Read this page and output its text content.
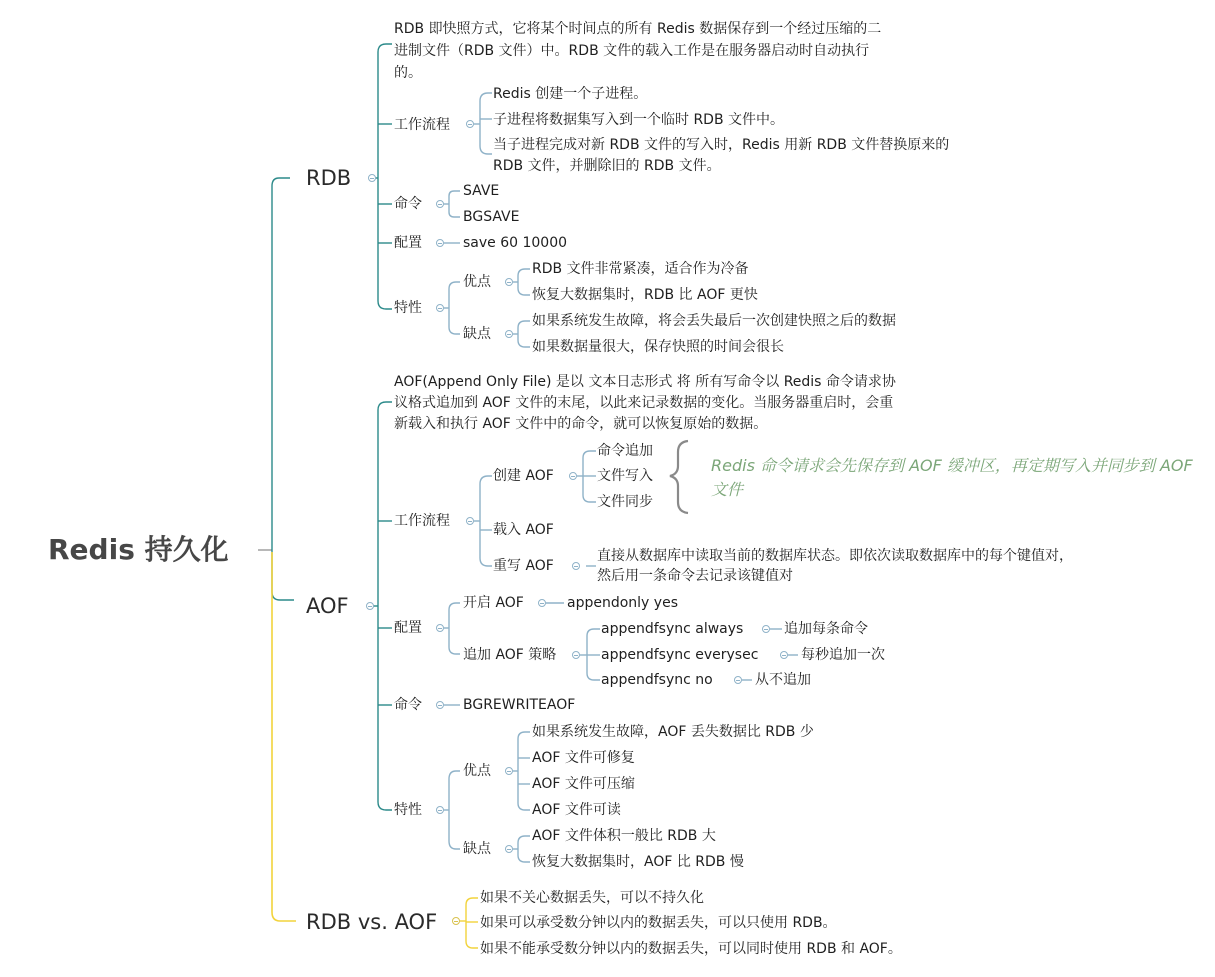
Redis 持久化
RDB
RDB 即快照方式，它将某个时间点的所有 Redis 数据保存到一个经过压缩的二进制文件（RDB 文件）中。RDB 文件的载入工作是在服务器启动时自动执行的。
工作流程
Redis 创建一个子进程。
子进程将数据集写入到一个临时 RDB 文件中。
当子进程完成对新 RDB 文件的写入时，Redis 用新 RDB 文件替换原来的 RDB 文件，并删除旧的 RDB 文件。
命令
SAVE
BGSAVE
配置	save 60 10000
特性
优点
RDB 文件非常紧凑，适合作为冷备
恢复大数据集时，RDB 比 AOF 更快
缺点
如果系统发生故障，将会丢失最后一次创建快照之后的数据
如果数据量很大，保存快照的时间会很长
AOF
AOF(Append Only File) 是以 文本日志形式 将 所有写命令以 Redis 命令请求协议格式追加到 AOF 文件的末尾，以此来记录数据的变化。当服务器重启时，会重新载入和执行 AOF 文件中的命令，就可以恢复原始的数据。
工作流程
创建 AOF
命令追加
文件写入
文件同步
Redis 命令请求会先保存到 AOF 缓冲区，再定期写入并同步到 AOF 文件
载入 AOF
重写 AOF
直接从数据库中读取当前的数据库状态。即依次读取数据库中的每个键值对，然后用一条命令去记录该键值对
配置
开启 AOF	appendonly yes
追加 AOF 策略
appendfsync always	追加每条命令
appendfsync everysec	每秒追加一次
appendfsync no	从不追加
命令	BGREWRITEAOF
特性
优点
如果系统发生故障，AOF 丢失数据比 RDB 少
AOF 文件可修复
AOF 文件可压缩
AOF 文件可读
缺点
AOF 文件体积一般比 RDB 大
恢复大数据集时，AOF 比 RDB 慢
RDB vs. AOF
如果不关心数据丢失，可以不持久化
如果可以承受数分钟以内的数据丢失，可以只使用 RDB。
如果不能承受数分钟以内的数据丢失，可以同时使用 RDB 和 AOF。
